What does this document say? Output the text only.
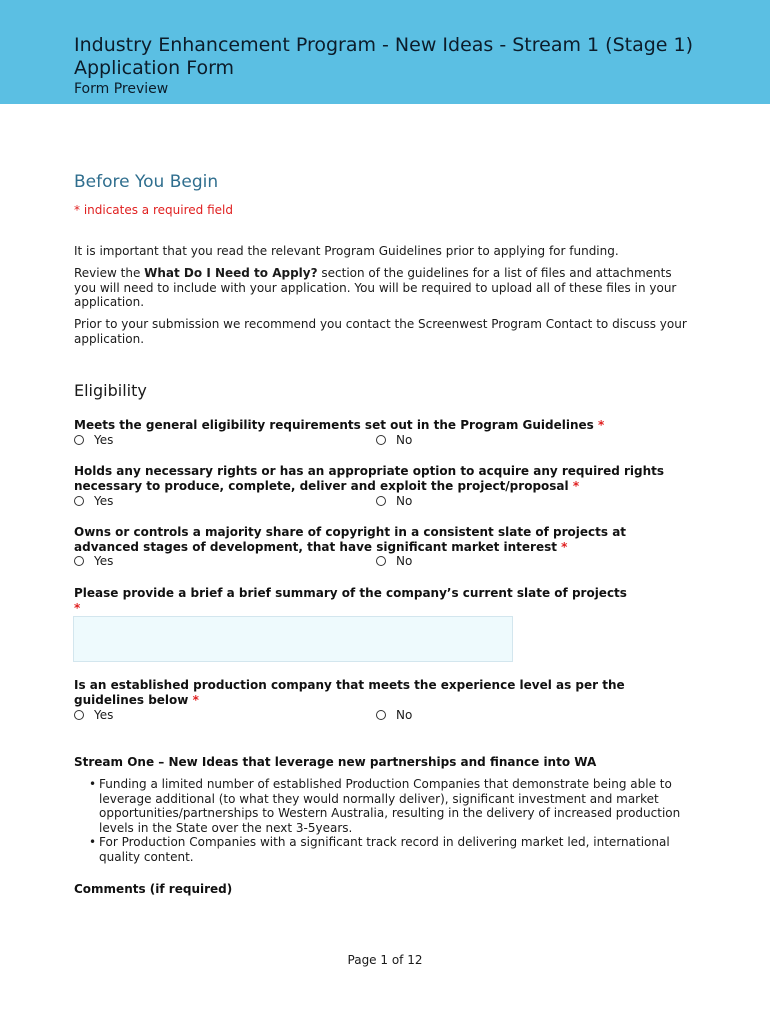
Industry Enhancement Program - New Ideas - Stream 1 (Stage 1) Application Form
Form Preview
Before You Begin
* indicates a required field
It is important that you read the relevant Program Guidelines prior to applying for funding.
Review the What Do I Need to Apply? section of the guidelines for a list of files and attachments you will need to include with your application. You will be required to upload all of these files in your application.
Prior to your submission we recommend you contact the Screenwest Program Contact to discuss your application.
Eligibility
Meets the general eligibility requirements set out in the Program Guidelines *
Yes	No
Holds any necessary rights or has an appropriate option to acquire any required rights necessary to produce, complete, deliver and exploit the project/proposal *
Yes	No
Owns or controls a majority share of copyright in a consistent slate of projects at advanced stages of development, that have significant market interest *
Yes	No
Please provide a brief a brief summary of the company’s current slate of projects
*
Is an established production company that meets the experience level as per the guidelines below *
Yes	No
Stream One – New Ideas that leverage new partnerships and finance into WA

• Funding a limited number of established Production Companies that demonstrate being able to leverage additional (to what they would normally deliver), significant investment and market opportunities/partnerships to Western Australia, resulting in the delivery of increased production levels in the State over the next 3-5years.

• For Production Companies with a significant track record in delivering market led, international quality content.

Comments (if required)
Page 1 of 12
